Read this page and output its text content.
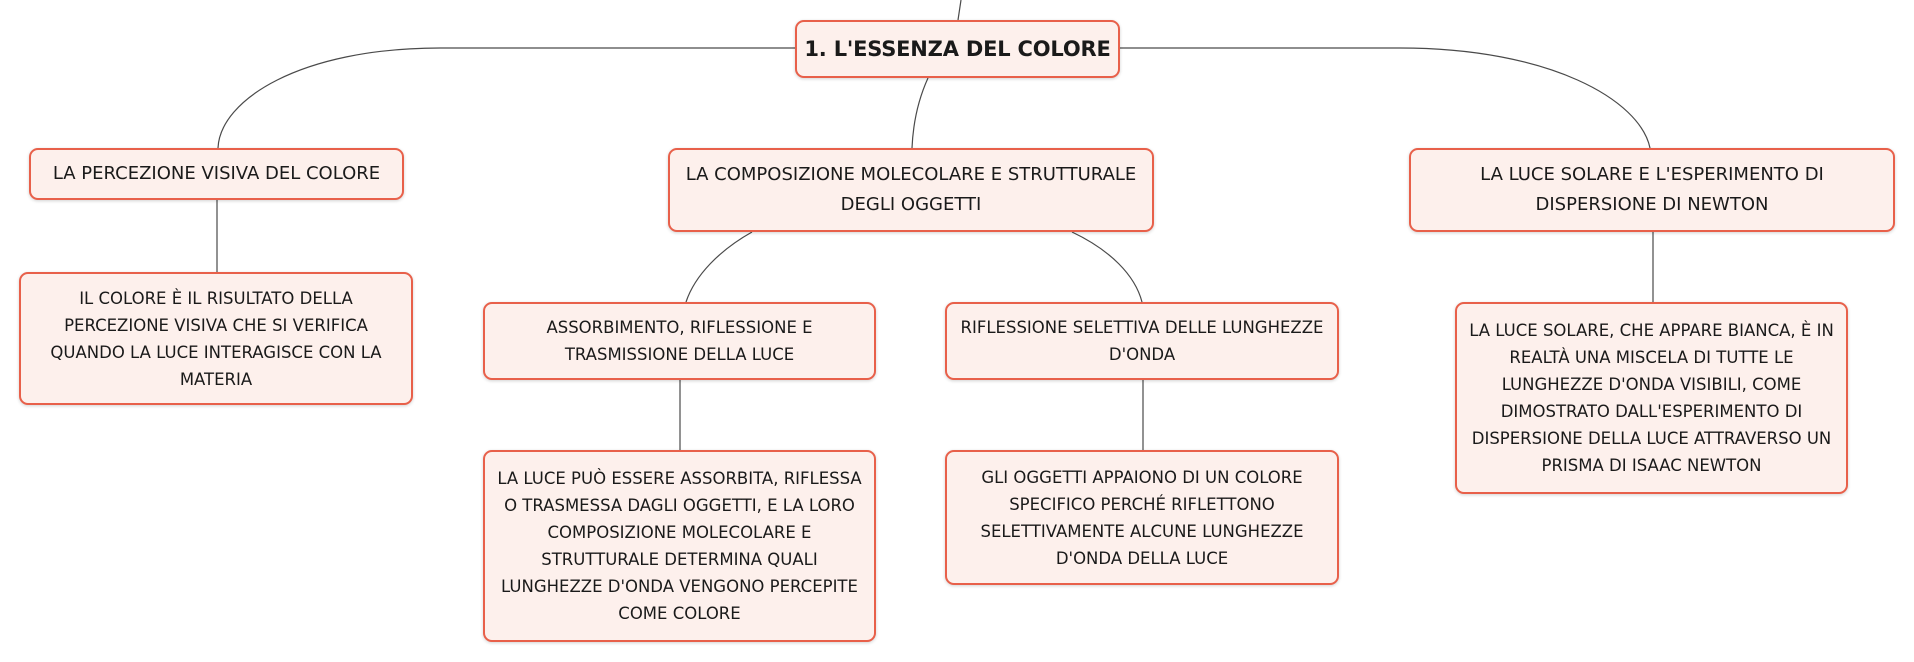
1. L'ESSENZA DEL COLORE
LA PERCEZIONE VISIVA DEL COLORE	LA COMPOSIZIONE MOLECOLARE E STRUTTURALE DEGLI OGGETTI
LA LUCE SOLARE E L'ESPERIMENTO DI DISPERSIONE DI NEWTON
IL COLORE È IL RISULTATO DELLA PERCEZIONE VISIVA CHE SI VERIFICA QUANDO LA LUCE INTERAGISCE CON LA MATERIA
ASSORBIMENTO, RIFLESSIONE E TRASMISSIONE DELLA LUCE
RIFLESSIONE SELETTIVA DELLE LUNGHEZZE D'ONDA
LA LUCE PUÒ ESSERE ASSORBITA, RIFLESSA O TRASMESSA DAGLI OGGETTI, E LA LORO COMPOSIZIONE MOLECOLARE E STRUTTURALE DETERMINA QUALI LUNGHEZZE D'ONDA VENGONO PERCEPITE COME COLORE
GLI OGGETTI APPAIONO DI UN COLORE SPECIFICO PERCHÉ RIFLETTONO SELETTIVAMENTE ALCUNE LUNGHEZZE D'ONDA DELLA LUCE
LA LUCE SOLARE, CHE APPARE BIANCA, È IN REALTÀ UNA MISCELA DI TUTTE LE LUNGHEZZE D'ONDA VISIBILI, COME DIMOSTRATO DALL'ESPERIMENTO DI DISPERSIONE DELLA LUCE ATTRAVERSO UN PRISMA DI ISAAC NEWTON
